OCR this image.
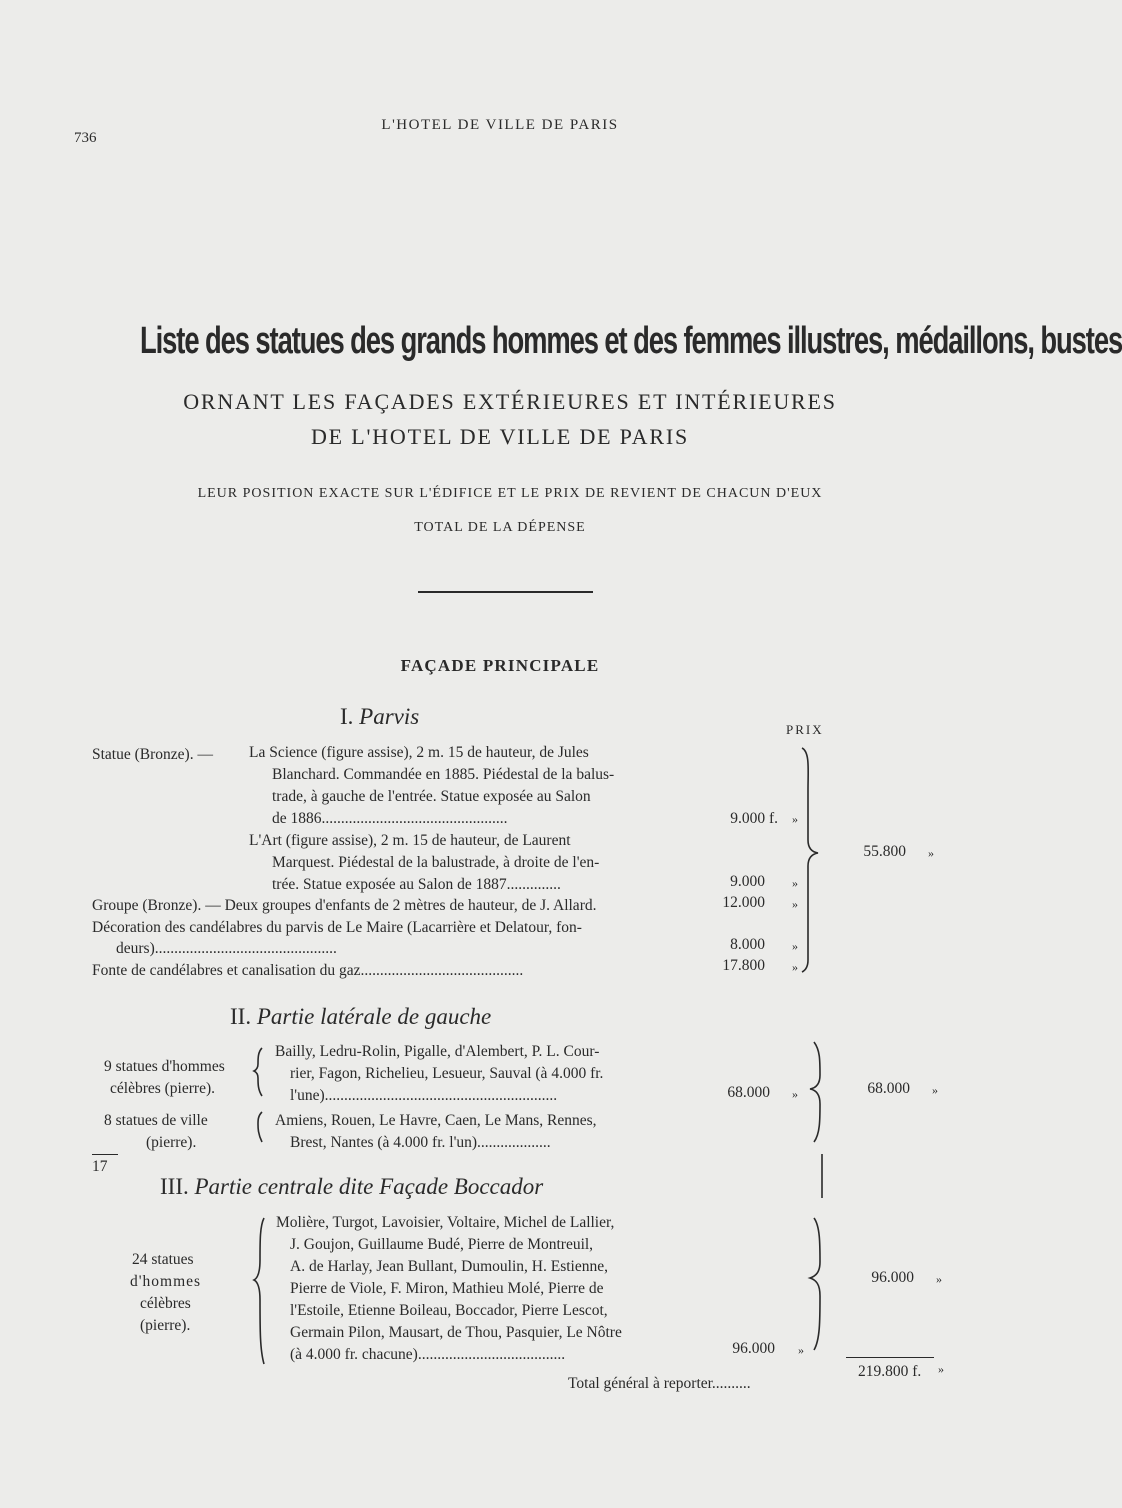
736
L'HOTEL DE VILLE DE PARIS
Liste des statues des grands hommes et des femmes illustres, médaillons, bustes
ORNANT LES FAÇADES EXTÉRIEURES ET INTÉRIEURES
DE L'HOTEL DE VILLE DE PARIS
LEUR POSITION EXACTE SUR L'ÉDIFICE ET LE PRIX DE REVIENT DE CHACUN D'EUX
TOTAL DE LA DÉPENSE
FAÇADE PRINCIPALE
I. Parvis
PRIX
Statue (Bronze). — La Science (figure assise), 2 m. 15 de hauteur, de Jules
Blanchard. Commandée en 1885. Piédestal de la balus-
trade, à gauche de l'entrée. Statue exposée au Salon
de 1886................................................
L'Art (figure assise), 2 m. 15 de hauteur, de Laurent
Marquest. Piédestal de la balustrade, à droite de l'en-
trée. Statue exposée au Salon de 1887..............
Groupe (Bronze). — Deux groupes d'enfants de 2 mètres de hauteur, de J. Allard.
Décoration des candélabres du parvis de Le Maire (Lacarrière et Delatour, fon-
deurs)...............................................
Fonte de candélabres et canalisation du gaz..........................................
9.000 f. »
9.000 »
12.000 »
8.000 »
17.800 »
55.800 »
II. Partie latérale de gauche
9 statues d'hommes
célèbres (pierre).
Bailly, Ledru-Rolin, Pigalle, d'Alembert, P. L. Cour-
rier, Fagon, Richelieu, Lesueur, Sauval (à 4.000 fr.
l'une)............................................................
8 statues de ville
(pierre).
Amiens, Rouen, Le Havre, Caen, Le Mans, Rennes,
Brest, Nantes (à 4.000 fr. l'un)...................
17
68.000 »	68.000 »
III. Partie centrale dite Façade Boccador
24 statues
d'hommes
célèbres
(pierre).
Molière, Turgot, Lavoisier, Voltaire, Michel de Lallier,
J. Goujon, Guillaume Budé, Pierre de Montreuil,
A. de Harlay, Jean Bullant, Dumoulin, H. Estienne,
Pierre de Viole, F. Miron, Mathieu Molé, Pierre de
l'Estoile, Etienne Boileau, Boccador, Pierre Lescot,
Germain Pilon, Mausart, de Thou, Pasquier, Le Nôtre
(à 4.000 fr. chacune)......................................	96.000 »
96.000 »
Total général à reporter..........
219.800 f. »
